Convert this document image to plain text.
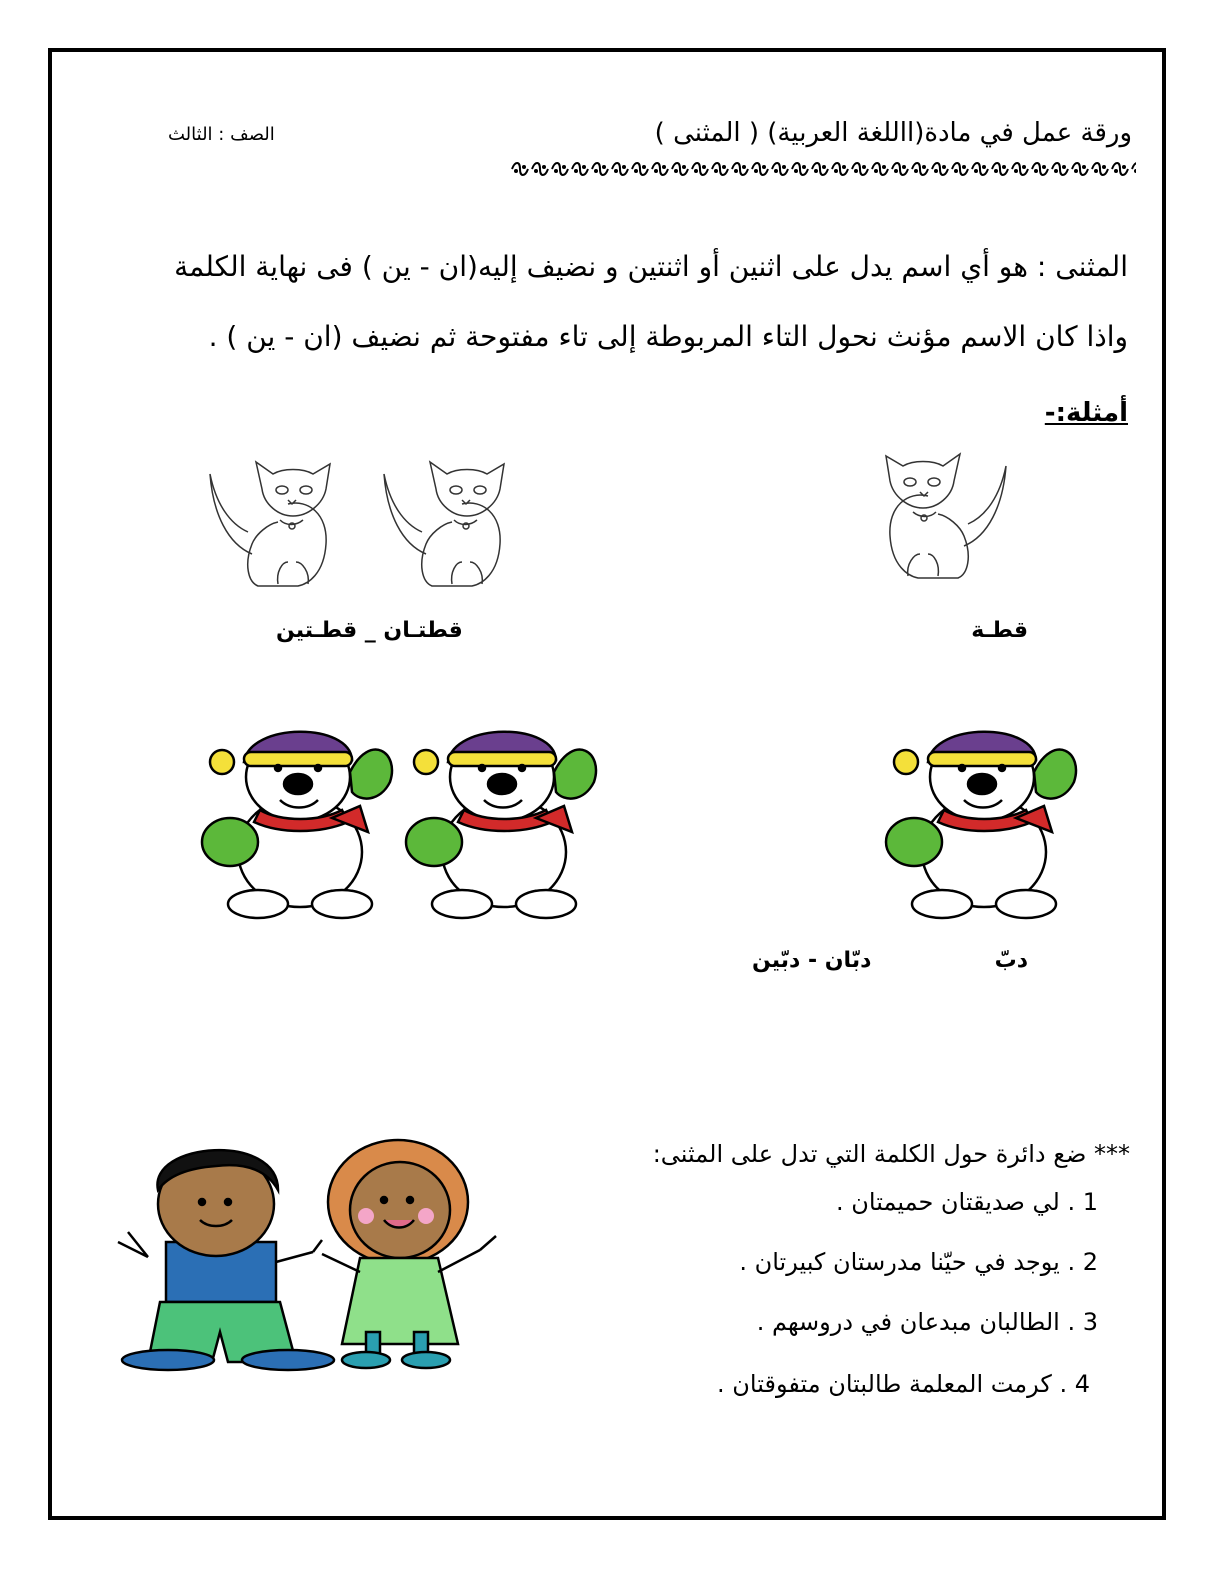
ورقة عمل في مادة(االلغة العربية) ( المثنى )
الصف : الثالث
المثنى : هو أي اسم يدل على اثنين أو اثنتين و نضيف إليه(ان - ين ) فى نهاية الكلمة
واذا كان الاسم مؤنث نحول التاء المربوطة إلى تاء مفتوحة ثم نضيف (ان - ين ) .
أمثلة:-
قطـة
قطتـان _ قطـتين
دبّ
دبّان - دبّين
*** ضع دائرة حول الكلمة التي تدل على المثنى:
1 . لي صديقتان حميمتان .
2 . يوجد في حيّنا مدرستان كبيرتان .
3 . الطالبان مبدعان في دروسهم .
4 . كرمت المعلمة طالبتان متفوقتان .
